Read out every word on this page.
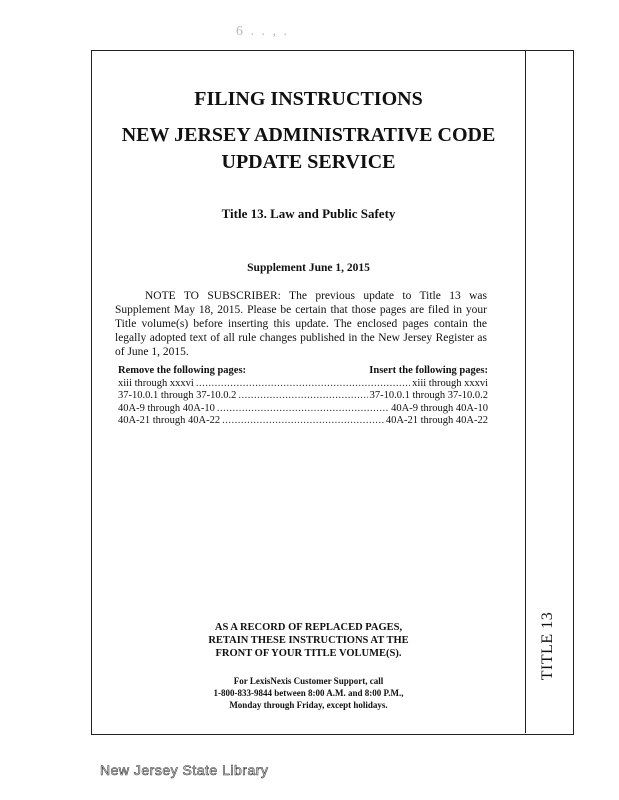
6 . . , .
TITLE 13
FILING INSTRUCTIONS
NEW JERSEY ADMINISTRATIVE CODE
UPDATE SERVICE
Title 13. Law and Public Safety
Supplement June 1, 2015

NOTE TO SUBSCRIBER: The previous update to Title 13 was Supplement May 18, 2015. Please be certain that those pages are filed in your Title volume(s) before inserting this update. The enclosed pages contain the legally adopted text of all rule changes published in the New Jersey Register as of June 1, 2015.

Remove the following pages:	Insert the following pages:
xiii through xxxvi .....	xiii through xxxvi
37-10.0.1 through 37-10.0.2 .....	37-10.0.1 through 37-10.0.2
40A-9 through 40A-10 .....	40A-9 through 40A-10
40A-21 through 40A-22 .....	40A-21 through 40A-22

AS A RECORD OF REPLACED PAGES,
RETAIN THESE INSTRUCTIONS AT THE
FRONT OF YOUR TITLE VOLUME(S).

For LexisNexis Customer Support, call
1-800-833-9844 between 8:00 A.M. and 8:00 P.M.,
Monday through Friday, except holidays.

New Jersey State Library
